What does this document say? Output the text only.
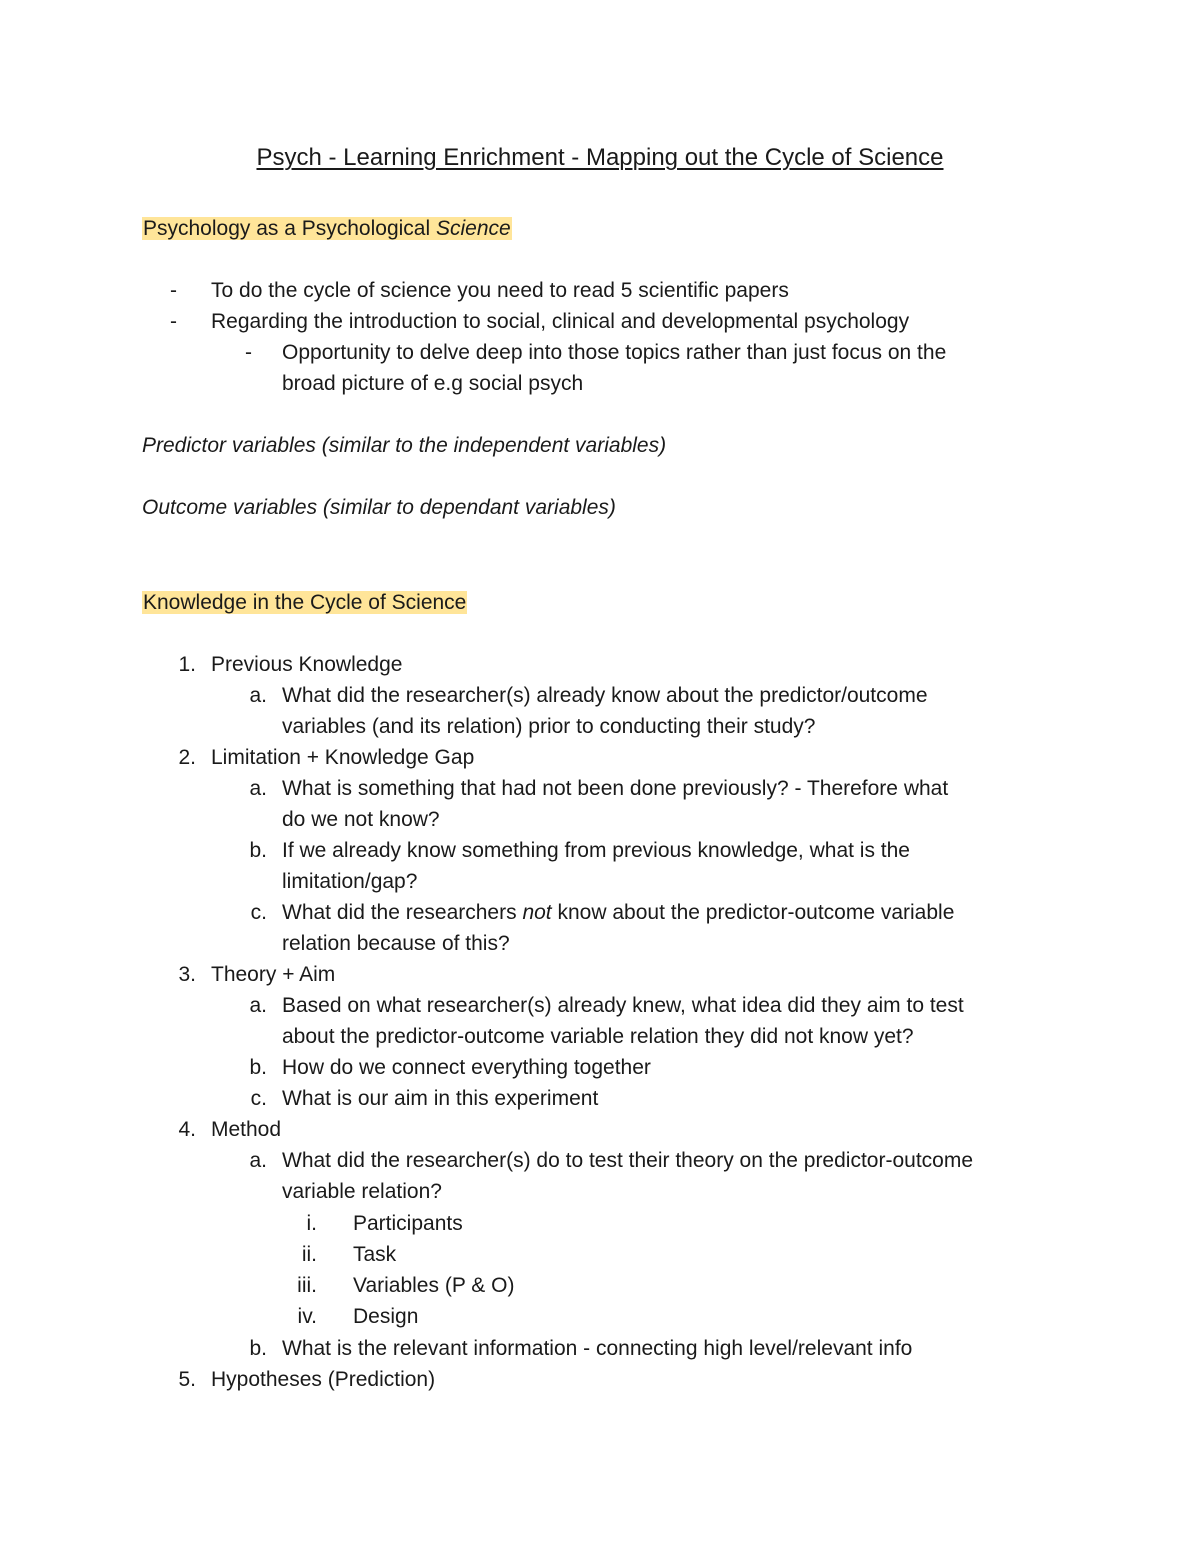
Psych - Learning Enrichment - Mapping out the Cycle of Science
Psychology as a Psychological Science
-	To do the cycle of science you need to read 5 scientific papers
-	Regarding the introduction to social, clinical and developmental psychology
-	Opportunity to delve deep into those topics rather than just focus on the
broad picture of e.g social psych
Predictor variables (similar to the independent variables)
Outcome variables (similar to dependant variables)
Knowledge in the Cycle of Science
1. Previous Knowledge
a. What did the researcher(s) already know about the predictor/outcome
variables (and its relation) prior to conducting their study?
2. Limitation + Knowledge Gap
a. What is something that had not been done previously? - Therefore what
do we not know?
b. If we already know something from previous knowledge, what is the
limitation/gap?
c. What did the researchers not know about the predictor-outcome variable
relation because of this?
3. Theory + Aim
a. Based on what researcher(s) already knew, what idea did they aim to test
about the predictor-outcome variable relation they did not know yet?
b. How do we connect everything together
c. What is our aim in this experiment
4. Method
a. What did the researcher(s) do to test their theory on the predictor-outcome
variable relation?
i. Participants
ii. Task
iii. Variables (P & O)
iv. Design
b. What is the relevant information - connecting high level/relevant info
5. Hypotheses (Prediction)
